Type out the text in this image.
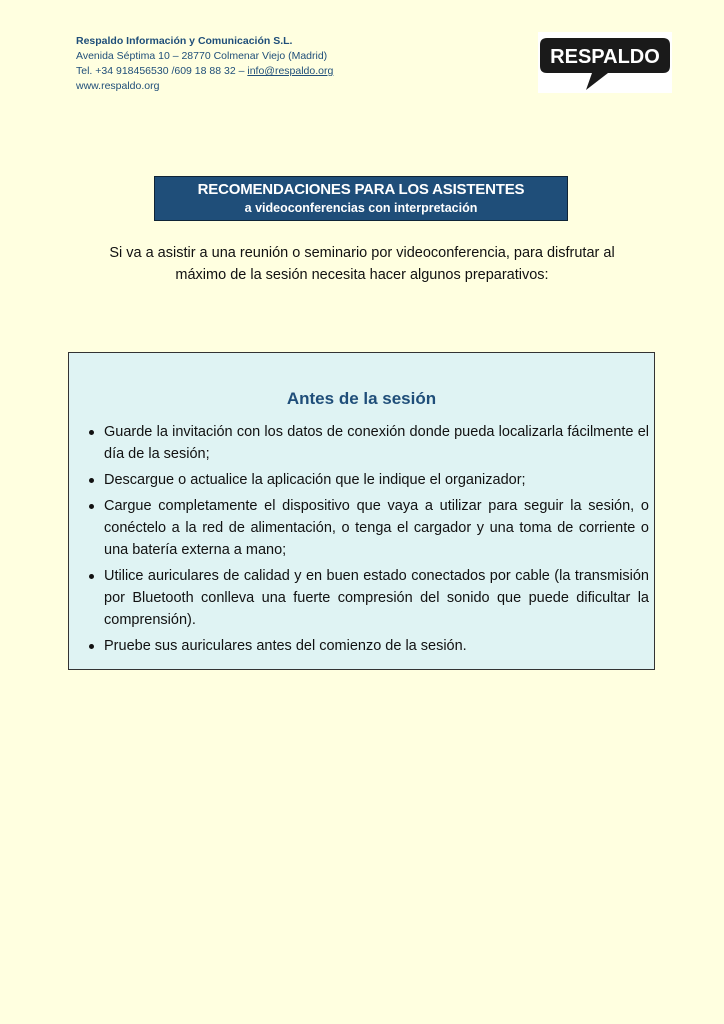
Respaldo Información y Comunicación S.L.
Avenida Séptima 10 – 28770 Colmenar Viejo (Madrid)
Tel. +34 918456530 /609 18 88 32 – info@respaldo.org
www.respaldo.org
RESPALDO
RECOMENDACIONES PARA LOS ASISTENTES
a videoconferencias con interpretación
Si va a asistir a una reunión o seminario por videoconferencia, para disfrutar al
máximo de la sesión necesita hacer algunos preparativos:
Antes de la sesión
Guarde la invitación con los datos de conexión donde pueda localizarla fácilmente el día de la sesión;
Descargue o actualice la aplicación que le indique el organizador;
Cargue completamente el dispositivo que vaya a utilizar para seguir la sesión, o conéctelo a la red de alimentación, o tenga el cargador y una toma de corriente o una batería externa a mano;
Utilice auriculares de calidad y en buen estado conectados por cable (la transmisión por Bluetooth conlleva una fuerte compresión del sonido que puede dificultar la comprensión).
Pruebe sus auriculares antes del comienzo de la sesión.
